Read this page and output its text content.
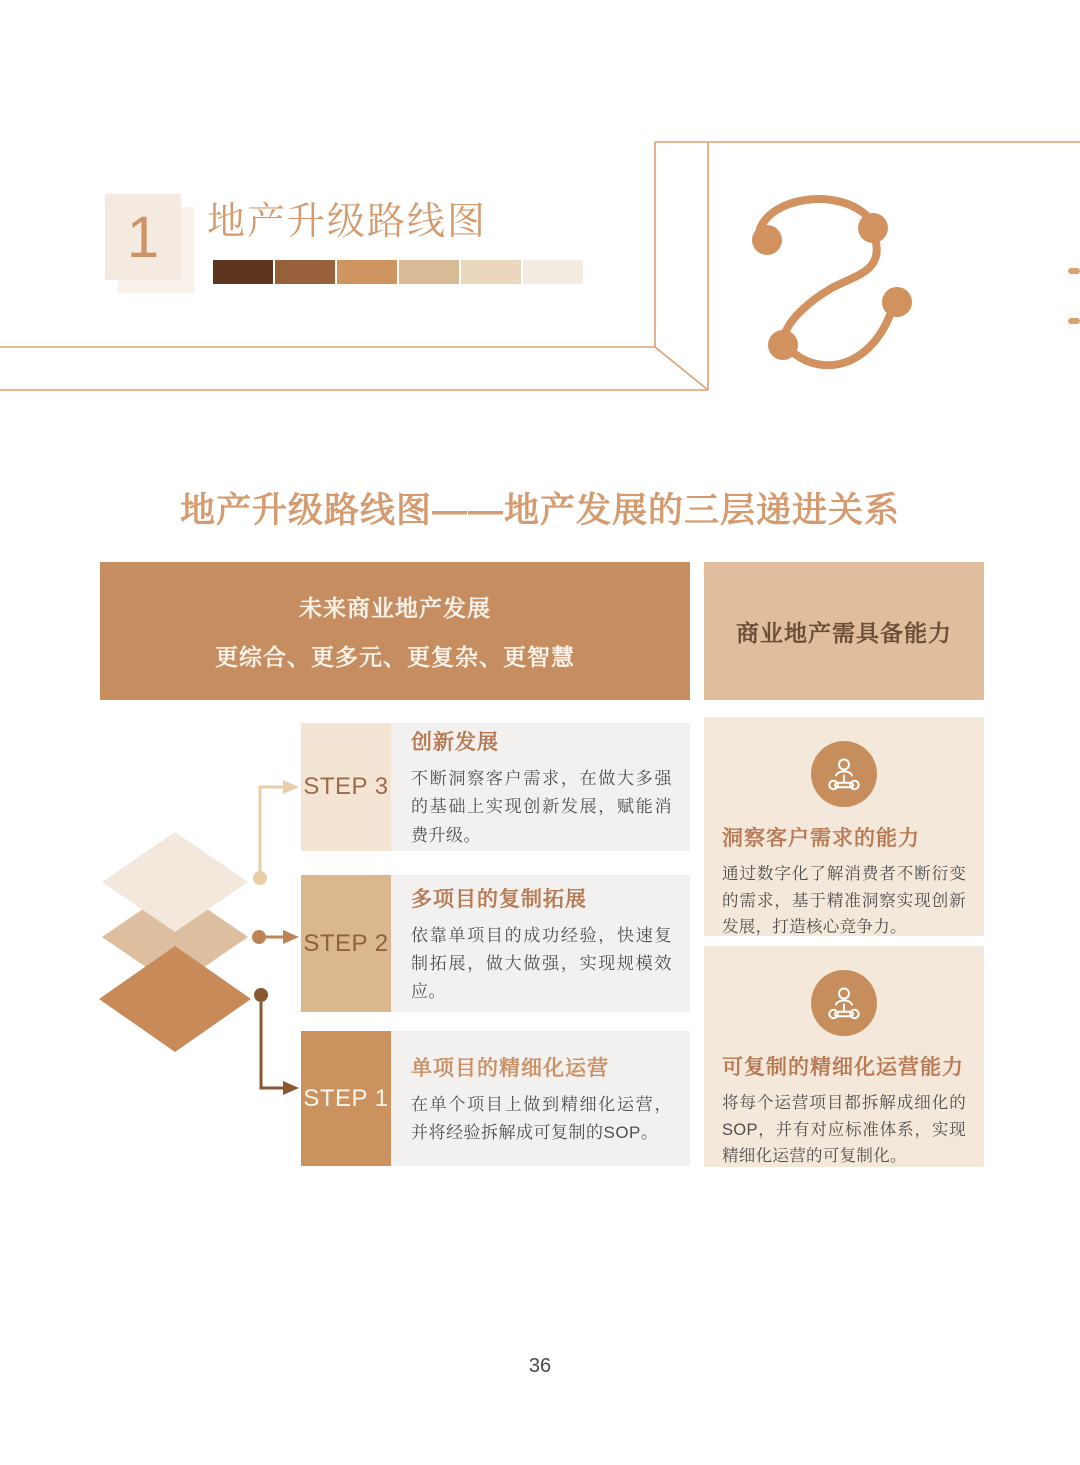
1 地产升级路线图
地产升级路线图——地产发展的三层递进关系
未来商业地产发展
更综合、更多元、更复杂、更智慧
商业地产需具备能力
STEP 3
创新发展
不断洞察客户需求，在做大多强的基础上实现创新发展，赋能消费升级。
STEP 2
多项目的复制拓展
依靠单项目的成功经验，快速复制拓展，做大做强，实现规模效应。
STEP 1
单项目的精细化运营
在单个项目上做到精细化运营，并将经验拆解成可复制的SOP。
洞察客户需求的能力
通过数字化了解消费者不断衍变的需求，基于精准洞察实现创新发展，打造核心竞争力。
可复制的精细化运营能力
将每个运营项目都拆解成细化的SOP，并有对应标准体系，实现精细化运营的可复制化。
36
